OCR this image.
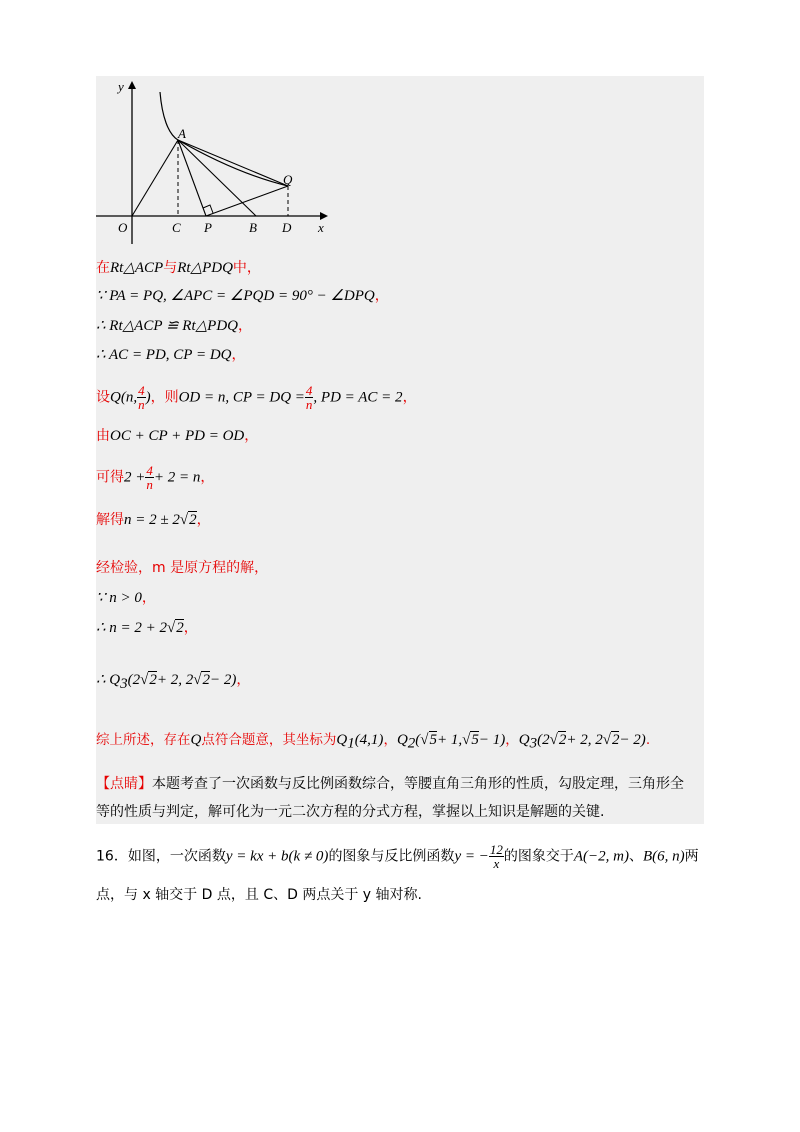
y
x
O	C P	B D
A
Q
在Rt△ACP与Rt△PDQ中，
∵ PA = PQ, ∠APC = ∠PQD = 90° − ∠DPQ，
∴ Rt△ACP ≌ Rt△PDQ，
∴ AC = PD, CP = DQ，
设Q(n, $\frac{4}{n}$ )，则OD = n, CP = DQ = $\frac{4}{n}$ , PD = AC = 2，
由OC + CP + PD = OD，
可得$2 + \frac{4}{n} + 2 = n$，
解得n = 2 ± 2√2，
经检验，m 是原方程的解，
∵ n > 0，
∴ n = 2 + 2√2，
∴ $Q_3(2√2+ 2$, 2√2− 2)，
综上所述，存在Q点符合题意，其坐标为$Q_1(4,1)$，$Q_2(√5+ 1,√5- 1)$，$Q_3(2√2+ 2$, 2√2− 2).
【点睛】本题考查了一次函数与反比例函数综合，等腰直角三角形的性质，勾股定理，三角形全
等的性质与判定，解可化为一元二次方程的分式方程，掌握以上知识是解题的关键.
16．如图，一次函数y = kx + b(k ≠ 0)的图象与反比例函数y = − $\frac{12}{x}$ 的图象交于A(−2, m)、B(6, n)两
点，与 x 轴交于 D 点，且 C、D 两点关于 y 轴对称.
